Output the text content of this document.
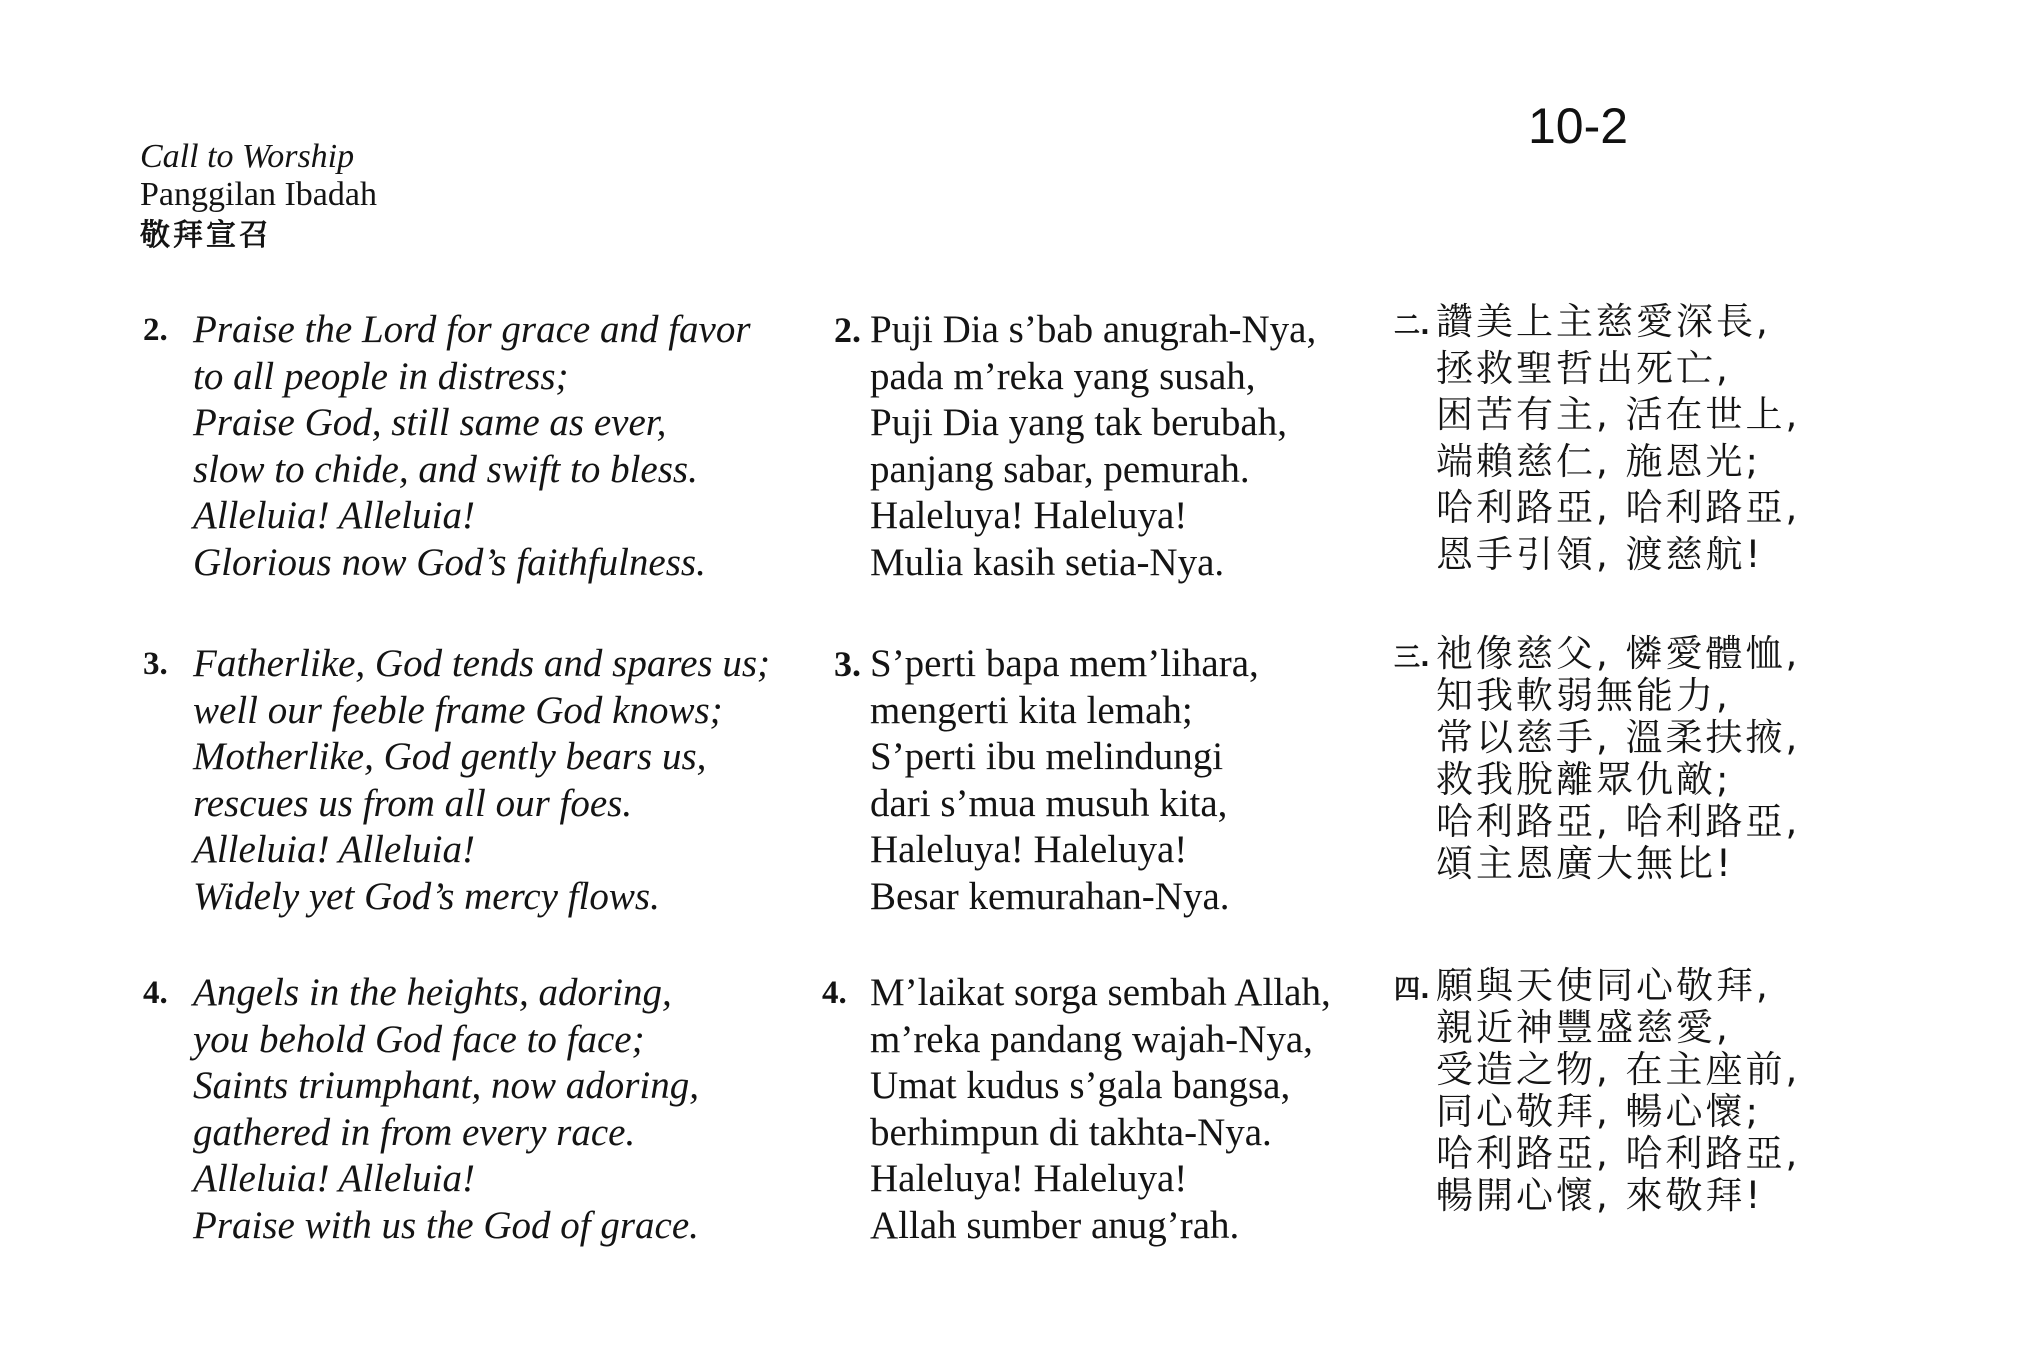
10-2
Call to Worship
Panggilan Ibadah
敬拜宣召
2. Praise the Lord for grace and favor
to all people in distress;
Praise God, still same as ever,
slow to chide, and swift to bless.
Alleluia! Alleluia!
Glorious now God’s faithfulness.
2. Puji Dia s’bab anugrah-Nya,
pada m’reka yang susah,
Puji Dia yang tak berubah,
panjang sabar, pemurah.
Haleluya! Haleluya!
Mulia kasih setia-Nya.
二. 讚美上主慈愛深長,
拯救聖哲出死亡,
困苦有主, 活在世上,
端賴慈仁, 施恩光;
哈利路亞, 哈利路亞,
恩手引領, 渡慈航!
3. Fatherlike, God tends and spares us;
well our feeble frame God knows;
Motherlike, God gently bears us,
rescues us from all our foes.
Alleluia! Alleluia!
Widely yet God’s mercy flows.
3. S’perti bapa mem’lihara,
mengerti kita lemah;
S’perti ibu melindungi
dari s’mua musuh kita,
Haleluya! Haleluya!
Besar kemurahan-Nya.
三. 祂像慈父, 憐愛體恤,
知我軟弱無能力,
常以慈手, 溫柔扶掖,
救我脫離眾仇敵;
哈利路亞, 哈利路亞,
頌主恩廣大無比!
4. Angels in the heights, adoring,
you behold God face to face;
Saints triumphant, now adoring,
gathered in from every race.
Alleluia! Alleluia!
Praise with us the God of grace.
4. M’laikat sorga sembah Allah,
m’reka pandang wajah-Nya,
Umat kudus s’gala bangsa,
berhimpun di takhta-Nya.
Haleluya! Haleluya!
Allah sumber anug’rah.
四. 願與天使同心敬拜,
親近神豐盛慈愛,
受造之物, 在主座前,
同心敬拜, 暢心懷;
哈利路亞, 哈利路亞,
暢開心懷, 來敬拜!
